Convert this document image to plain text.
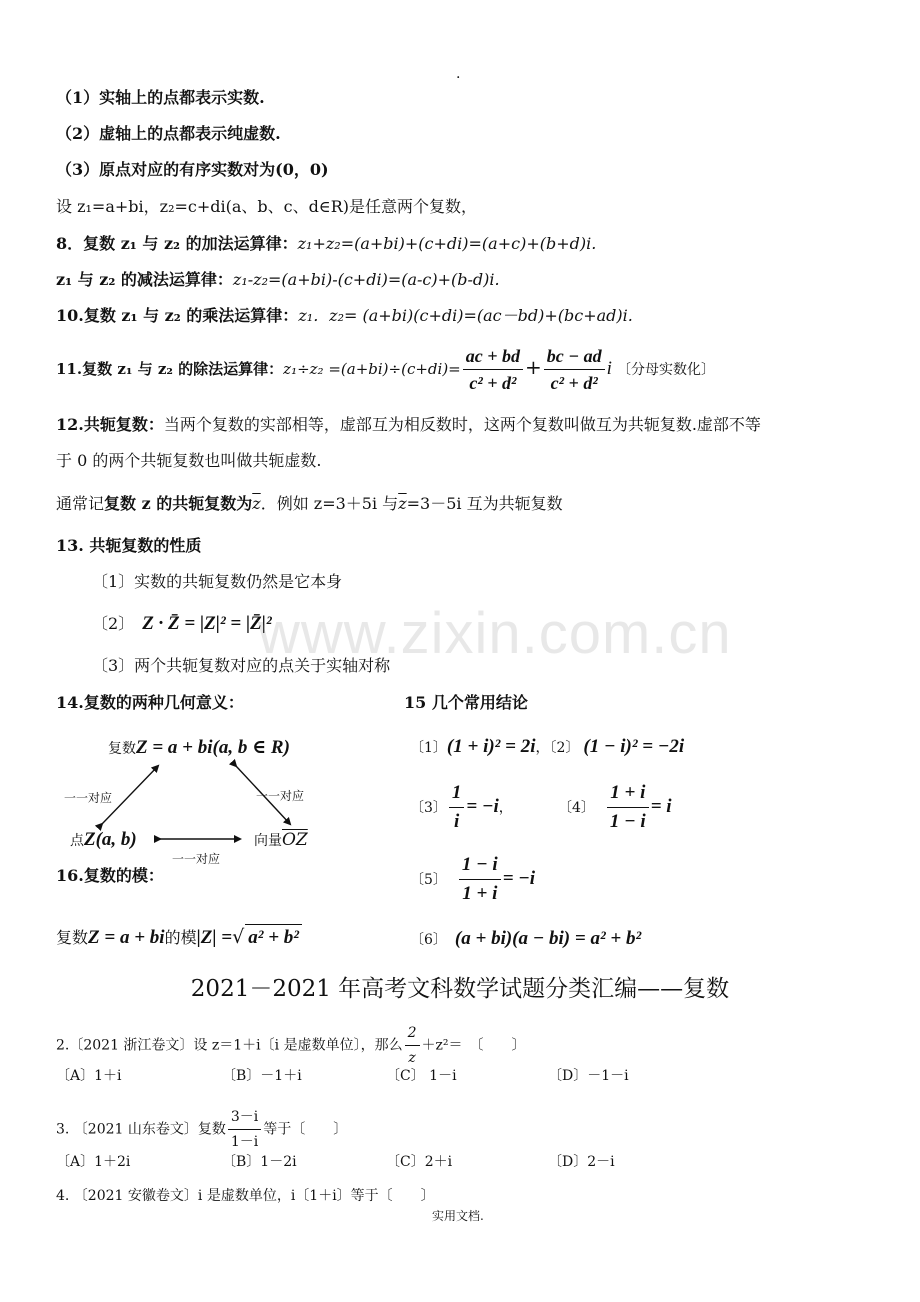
.
（1）实轴上的点都表示实数.
（2）虚轴上的点都表示纯虚数.
（3）原点对应的有序实数对为(0，0)
设 z₁=a+bi，z₂=c+di(a、b、c、d∈R)是任意两个复数，
8．复数 z₁ 与 z₂ 的加法运算律：z₁+z₂=(a+bi)+(c+di)=(a+c)+(b+d)i.
z₁ 与 z₂ 的减法运算律：z₁-z₂=(a+bi)-(c+di)=(a-c)+(b-d)i.
10.复数 z₁ 与 z₂ 的乘法运算律：z₁．z₂= (a+bi)(c+di)=(ac－bd)+(bc+ad)i.
11.复数 z₁ 与 z₂ 的除法运算律：$z_1\div z_2 =(a+bi)\div(c+di)= \frac{ac + bd}{\text{c² + d²}} + \frac{bc - ad}{\text{c² + d²}}$ i 〔分母实数化〕
12.共轭复数：当两个复数的实部相等，虚部互为相反数时，这两个复数叫做互为共轭复数.虚部不等
于 0 的两个共轭复数也叫做共轭虚数.
通常记复数 z 的共轭复数为$\overline{z}$．例如 z=3＋5i 与$\overline{z}=3-5i$ 互为共轭复数
13. 共轭复数的性质
〔1〕实数的共轭复数仍然是它本身
〔2〕 Z · Z̄ = |Z|² = |Z̄|²
〔3〕两个共轭复数对应的点关于实轴对称
14.复数的两种几何意义：	15 几个常用结论
复数Z = a + bi(a, b ∈ R)
点Z(a, b)	向量$\overline{OZ}$
一一对应	一一对应
一一对应
〔1〕(1 + i)² = 2i，〔2〕 (1 − i)² = −2i
〔3〕 $\frac{1}{i} = -i$，	〔4〕 $\frac{1 + i}{1 - i} = i$
16.复数的模：	〔5〕 $\frac{1 - i}{1 + i} = -i$
复数Z = a + bi的模|Z| =√ a² + b²	〔6〕 (a + bi)(a − bi) = a² + b²
www.zixin.com.cn
2021－2021 年高考文科数学试题分类汇编——复数
2.〔2021 浙江卷文〕设 z＝1＋i〔i 是虚数单位〕，那么 $\frac{2}{z} +z^2=$　〔　　〕
〔A〕1＋i	〔B〕－1＋i	〔C〕 1－i	〔D〕－1－i
3. 〔2021 山东卷文〕复数 $\frac{3-i}{1-i}$ 等于〔　　〕
〔A〕1＋2i	〔B〕1－2i	〔C〕2＋i	〔D〕2－i
4. 〔2021 安徽卷文〕i 是虚数单位，i〔1＋i〕等于〔　　〕
实用文档.
